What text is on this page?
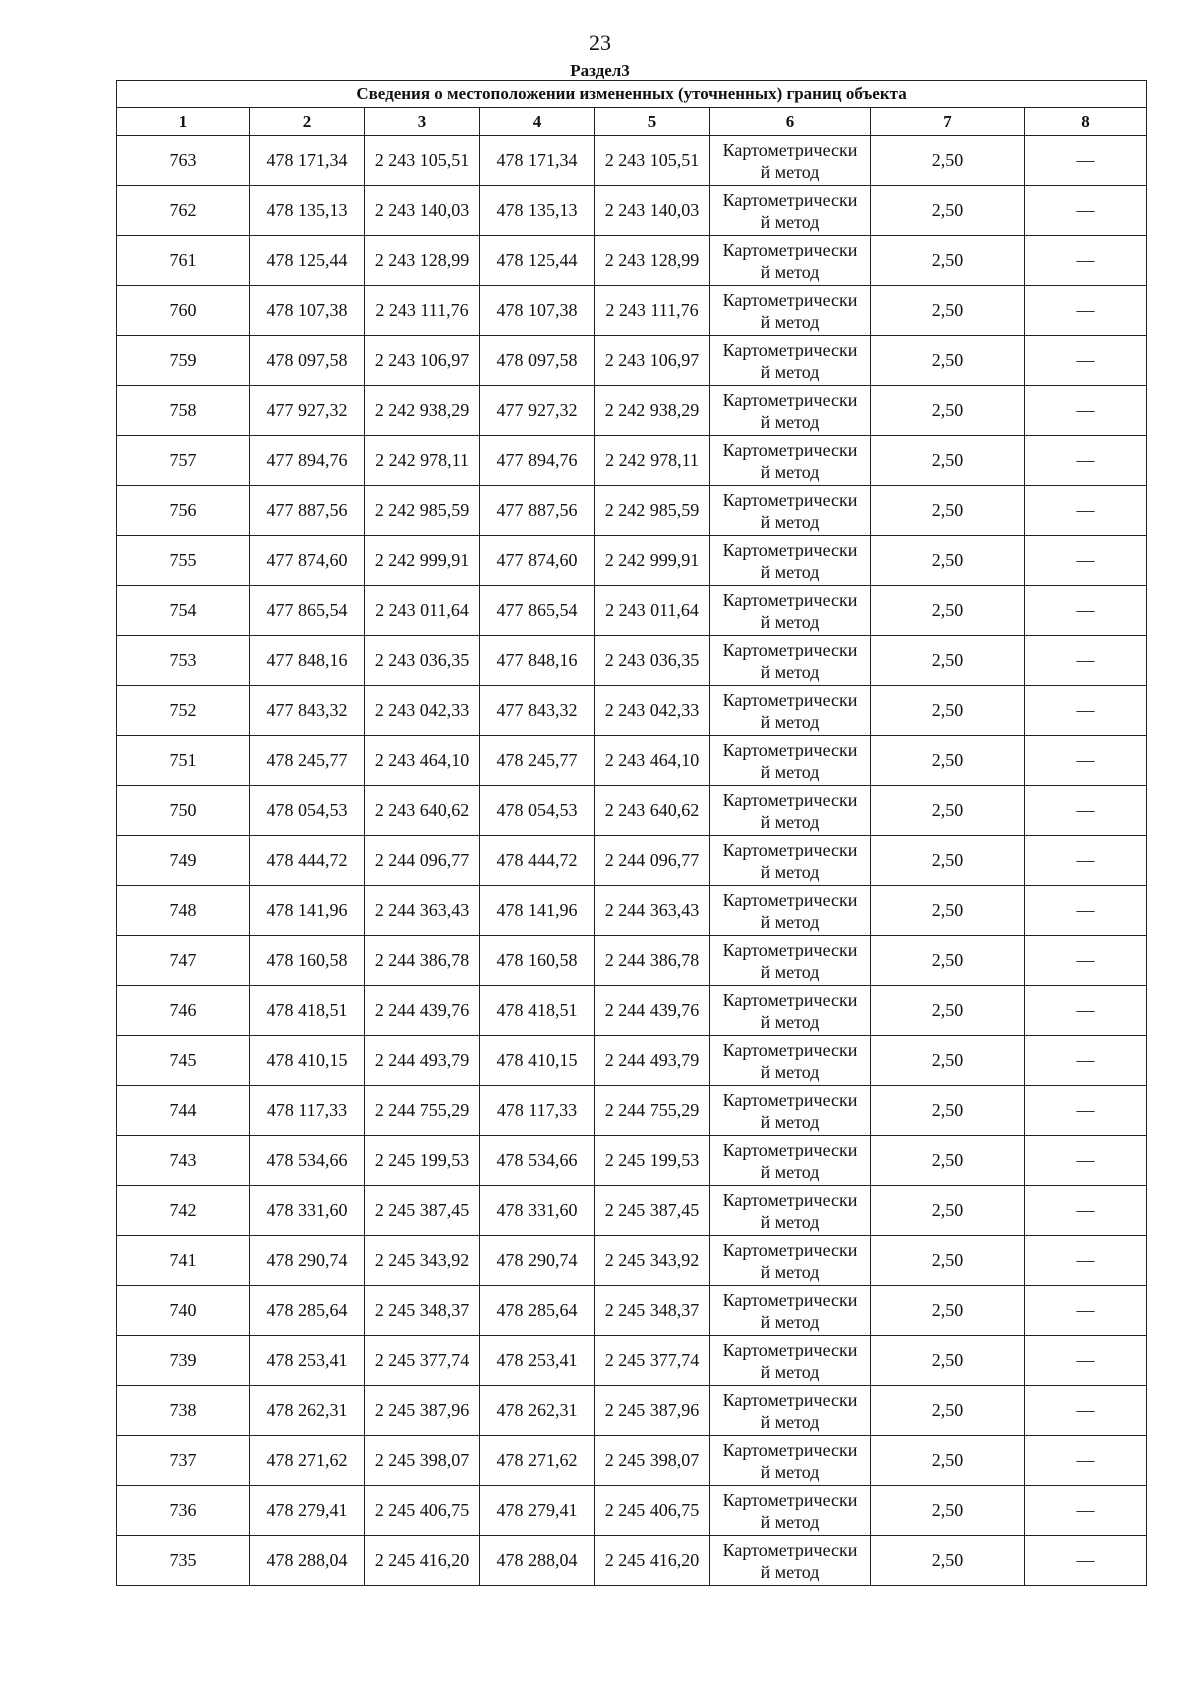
23
Раздел3
Сведения о местоположении измененных (уточненных) границ объекта							
1	2	3	4	5	6	7	8
763	478 171,34	2 243 105,51	478 171,34	2 243 105,51	Картометрически
й метод	2,50	—
762	478 135,13	2 243 140,03	478 135,13	2 243 140,03	Картометрически
й метод	2,50	—
761	478 125,44	2 243 128,99	478 125,44	2 243 128,99	Картометрически
й метод	2,50	—
760	478 107,38	2 243 111,76	478 107,38	2 243 111,76	Картометрически
й метод	2,50	—
759	478 097,58	2 243 106,97	478 097,58	2 243 106,97	Картометрически
й метод	2,50	—
758	477 927,32	2 242 938,29	477 927,32	2 242 938,29	Картометрически
й метод	2,50	—
757	477 894,76	2 242 978,11	477 894,76	2 242 978,11	Картометрически
й метод	2,50	—
756	477 887,56	2 242 985,59	477 887,56	2 242 985,59	Картометрически
й метод	2,50	—
755	477 874,60	2 242 999,91	477 874,60	2 242 999,91	Картометрически
й метод	2,50	—
754	477 865,54	2 243 011,64	477 865,54	2 243 011,64	Картометрически
й метод	2,50	—
753	477 848,16	2 243 036,35	477 848,16	2 243 036,35	Картометрически
й метод	2,50	—
752	477 843,32	2 243 042,33	477 843,32	2 243 042,33	Картометрически
й метод	2,50	—
751	478 245,77	2 243 464,10	478 245,77	2 243 464,10	Картометрически
й метод	2,50	—
750	478 054,53	2 243 640,62	478 054,53	2 243 640,62	Картометрически
й метод	2,50	—
749	478 444,72	2 244 096,77	478 444,72	2 244 096,77	Картометрически
й метод	2,50	—
748	478 141,96	2 244 363,43	478 141,96	2 244 363,43	Картометрически
й метод	2,50	—
747	478 160,58	2 244 386,78	478 160,58	2 244 386,78	Картометрически
й метод	2,50	—
746	478 418,51	2 244 439,76	478 418,51	2 244 439,76	Картометрически
й метод	2,50	—
745	478 410,15	2 244 493,79	478 410,15	2 244 493,79	Картометрически
й метод	2,50	—
744	478 117,33	2 244 755,29	478 117,33	2 244 755,29	Картометрически
й метод	2,50	—
743	478 534,66	2 245 199,53	478 534,66	2 245 199,53	Картометрически
й метод	2,50	—
742	478 331,60	2 245 387,45	478 331,60	2 245 387,45	Картометрически
й метод	2,50	—
741	478 290,74	2 245 343,92	478 290,74	2 245 343,92	Картометрически
й метод	2,50	—
740	478 285,64	2 245 348,37	478 285,64	2 245 348,37	Картометрически
й метод	2,50	—
739	478 253,41	2 245 377,74	478 253,41	2 245 377,74	Картометрически
й метод	2,50	—
738	478 262,31	2 245 387,96	478 262,31	2 245 387,96	Картометрически
й метод	2,50	—
737	478 271,62	2 245 398,07	478 271,62	2 245 398,07	Картометрически
й метод	2,50	—
736	478 279,41	2 245 406,75	478 279,41	2 245 406,75	Картометрически
й метод	2,50	—
735	478 288,04	2 245 416,20	478 288,04	2 245 416,20	Картометрически
й метод	2,50	—
